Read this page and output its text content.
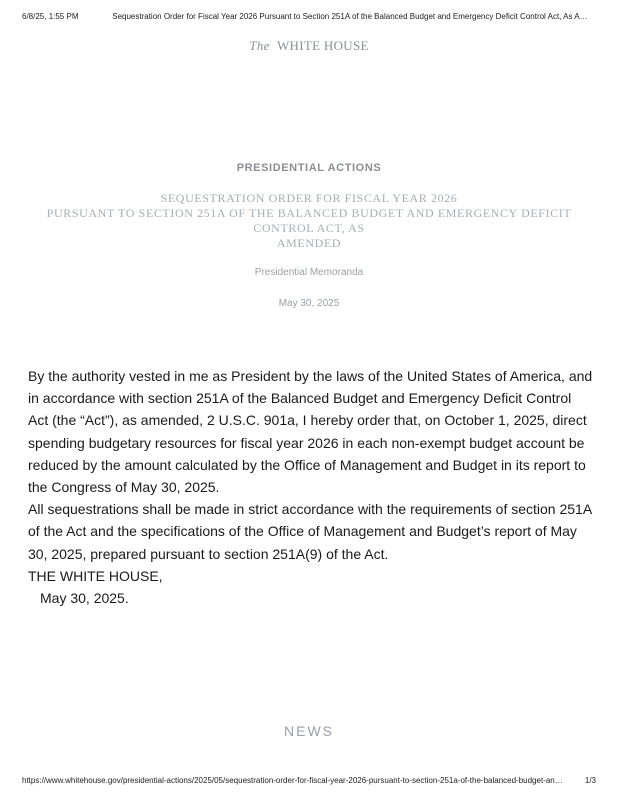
6/8/25, 1:55 PM	Sequestration Order for Fiscal Year 2026 Pursuant to Section 251A of the Balanced Budget and Emergency Deficit Control Act, As A…
The WHITE HOUSE
PRESIDENTIAL ACTIONS
SEQUESTRATION ORDER FOR FISCAL YEAR 2026
PURSUANT TO SECTION 251A OF THE BALANCED BUDGET AND EMERGENCY DEFICIT CONTROL ACT, AS
AMENDED
Presidential Memoranda
May 30, 2025

By the authority vested in me as President by the laws of the United States of America, and in accordance with section 251A of the Balanced Budget and Emergency Deficit Control Act (the “Act”), as amended, 2 U.S.C. 901a, I hereby order that, on October 1, 2025, direct spending budgetary resources for fiscal year 2026 in each non-exempt budget account be reduced by the amount calculated by the Office of Management and Budget in its report to the Congress of May 30, 2025.

All sequestrations shall be made in strict accordance with the requirements of section 251A of the Act and the specifications of the Office of Management and Budget’s report of May 30, 2025, prepared pursuant to section 251A(9) of the Act.

THE WHITE HOUSE,

May 30, 2025.

NEWS
https://www.whitehouse.gov/presidential-actions/2025/05/sequestration-order-for-fiscal-year-2026-pursuant-to-section-251a-of-the-balanced-budget-an…	1/3
